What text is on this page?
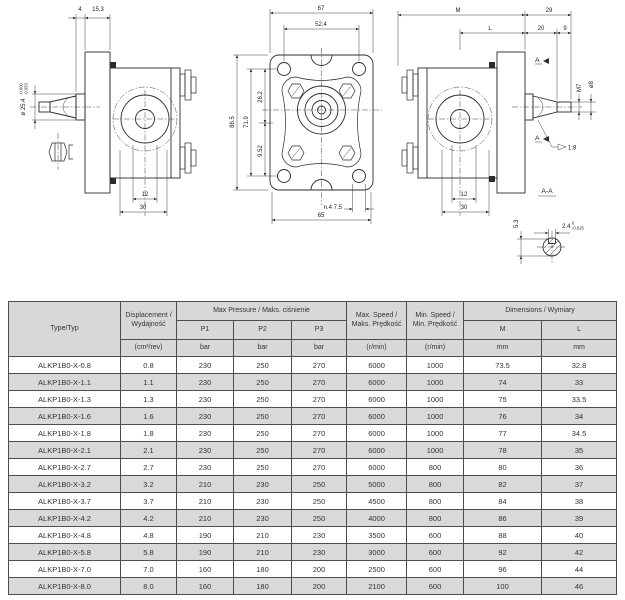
4 15.3
ø 25.4
-0.000 -0.053
12
30
67
52.4
86.5 71.9
26.2
9.52
n.4 7.5
65
M	29
L	20	9
A
A
1:8
M7 ø8
12
30
A-A
2.4
0
-0.025
5.3
Type/Typ	Displacement / Wydajność	Max Pressure / Maks. ciśnienie			Max. Speed / Maks. Prędkość	Min. Speed / Min. Prędkość	Dimensions / Wymiary	
		P1	P2	P3			M	L
	(cm³/rev)	bar	bar	bar	(r/min)	(r/min)	mm	mm
ALKP1B0-X-0.8	0.8	230	250	270	6000	1000	73.5	32.8
ALKP1B0-X-1.1	1.1	230	250	270	6000	1000	74	33
ALKP1B0-X-1.3	1.3	230	250	270	6000	1000	75	33.5
ALKP1B0-X-1.6	1.6	230	250	270	6000	1000	76	34
ALKP1B0-X-1.8	1.8	230	250	270	6000	1000	77	34.5
ALKP1B0-X-2.1	2.1	230	250	270	6000	1000	78	35
ALKP1B0-X-2.7	2.7	230	250	270	6000	800	80	36
ALKP1B0-X-3.2	3.2	210	230	250	5000	800	82	37
ALKP1B0-X-3.7	3.7	210	230	250	4500	800	84	38
ALKP1B0-X-4.2	4.2	210	230	250	4000	800	86	39
ALKP1B0-X-4.8	4.8	190	210	230	3500	600	88	40
ALKP1B0-X-5.8	5.8	190	210	230	3000	600	92	42
ALKP1B0-X-7.0	7.0	160	180	200	2500	600	96	44
ALKP1B0-X-8.0	8.0	160	180	200	2100	600	100	46
